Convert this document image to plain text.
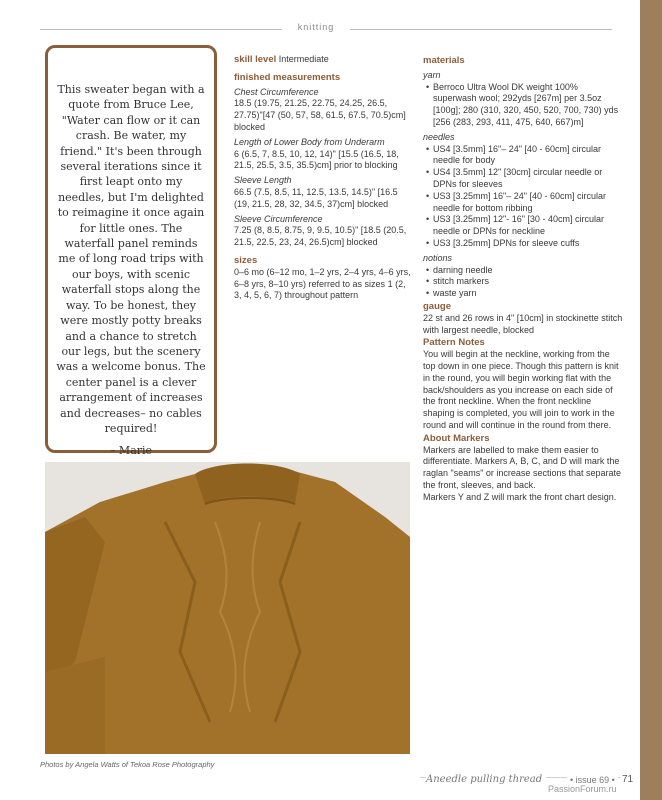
knitting
This sweater began with a quote from Bruce Lee, "Water can flow or it can crash. Be water, my friend." It's been through several iterations since it first leapt onto my needles, but I'm delighted to reimagine it once again for little ones. The waterfall panel reminds me of long road trips with our boys, with scenic waterfall stops along the way. To be honest, they were mostly potty breaks and a chance to stretch our legs, but the scenery was a welcome bonus. The center panel is a clever arrangement of increases and decreases– no cables required!
– Marie
Photos by Angela Watts of Tekoa Rose Photography
skill level Intermediate
finished measurements
Chest Circumference
18.5 (19.75, 21.25, 22.75, 24.25, 26.5, 27.75)"[47 (50, 57, 58, 61.5, 67.5, 70.5)cm] blocked
Length of Lower Body from Underarm
6 (6.5, 7, 8.5, 10, 12, 14)" [15.5 (16.5, 18, 21.5, 25.5, 3.5, 35.5)cm] prior to blocking
Sleeve Length
66.5 (7.5, 8.5, 11, 12.5, 13.5, 14.5)" [16.5 (19, 21.5, 28, 32, 34.5, 37)cm] blocked
Sleeve Circumference
7.25 (8, 8.5, 8.75, 9, 9.5, 10.5)" [18.5 (20.5, 21.5, 22.5, 23, 24, 26.5)cm] blocked
sizes
0–6 mo (6–12 mo, 1–2 yrs, 2–4 yrs, 4–6 yrs, 6–8 yrs, 8–10 yrs) referred to as sizes 1 (2, 3, 4, 5, 6, 7) throughout pattern
materials
yarn
• Berroco Ultra Wool DK weight 100% superwash wool; 292yds [267m] per 3.5oz [100g]; 280 (310, 320, 450, 520, 700, 730) yds [256 (283, 293, 411, 475, 640, 667)m]
needles
• US4 [3.5mm] 16"– 24" [40 - 60cm] circular needle for body
• US4 [3.5mm] 12" [30cm] circular needle or DPNs for sleeves
• US3 [3.25mm] 16"– 24" [40 - 60cm] circular needle for bottom ribbing
• US3 [3.25mm] 12"- 16" [30 - 40cm] circular needle or DPNs for neckline
• US3 [3.25mm] DPNs for sleeve cuffs
notions
• darning needle
• stitch markers
• waste yarn
gauge
22 st and 26 rows in 4" [10cm] in stockinette stitch with largest needle, blocked
Pattern Notes
You will begin at the neckline, working from the top down in one piece. Though this pattern is knit in the round, you will begin working flat with the back/shoulders as you increase on each side of the front neckline. When the front neckline shaping is completed, you will join to work in the round and will continue in the round from there.
About Markers
Markers are labelled to make them easier to differentiate. Markers A, B, C, and D will mark the raglan "seams" or increase sections that separate the front, sleeves, and back.
Markers Y and Z will mark the front chart design.
Aneedle pulling thread	• issue 69 • 71
PassionForum.ru
